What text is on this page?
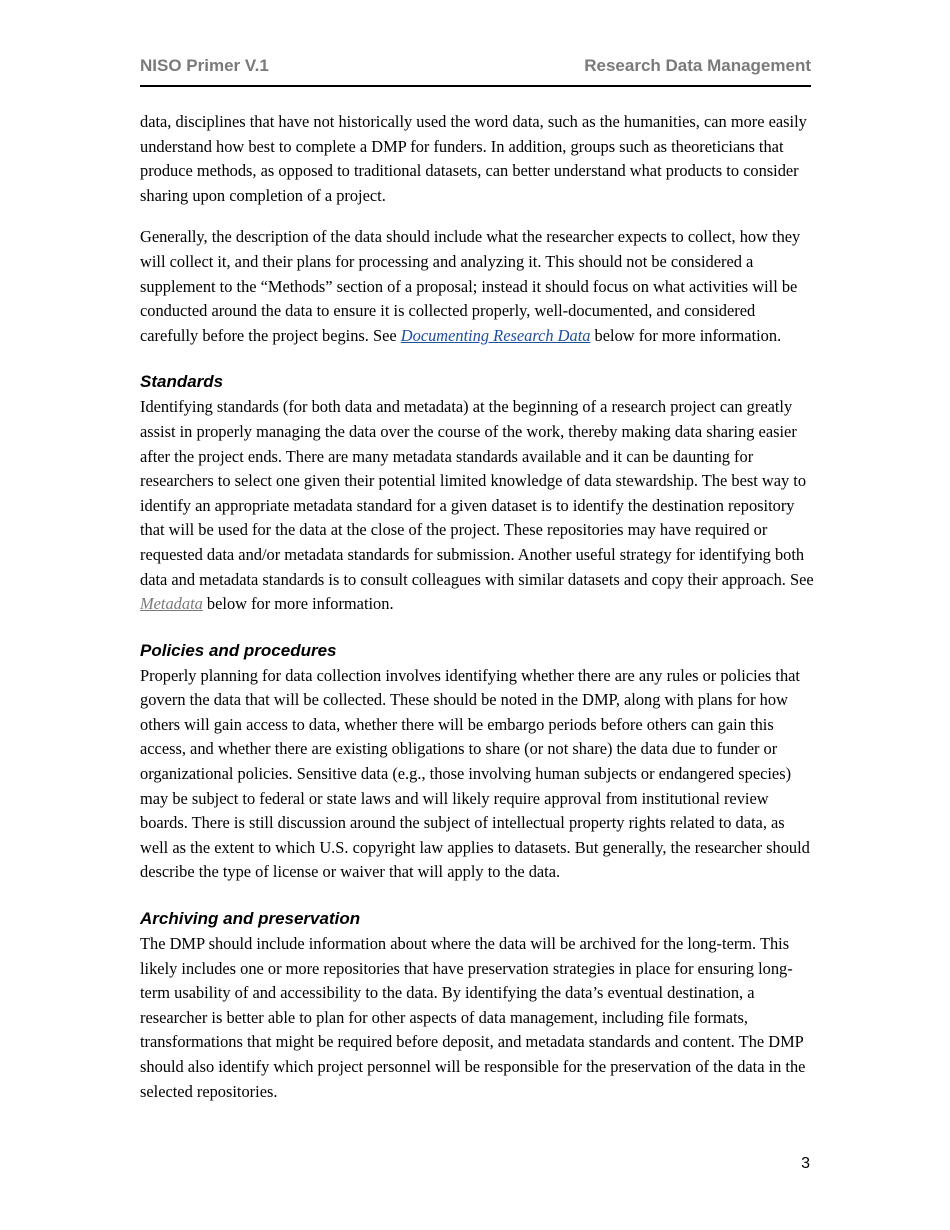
NISO Primer V.1	Research Data Management

data, disciplines that have not historically used the word data, such as the humanities, can more easily understand how best to complete a DMP for funders. In addition, groups such as theoreticians that produce methods, as opposed to traditional datasets, can better understand what products to consider sharing upon completion of a project.

Generally, the description of the data should include what the researcher expects to collect, how they will collect it, and their plans for processing and analyzing it. This should not be considered a supplement to the “Methods” section of a proposal; instead it should focus on what activities will be conducted around the data to ensure it is collected properly, well-documented, and considered carefully before the project begins. See Documenting Research Data below for more information.

Standards

Identifying standards (for both data and metadata) at the beginning of a research project can greatly assist in properly managing the data over the course of the work, thereby making data sharing easier after the project ends. There are many metadata standards available and it can be daunting for researchers to select one given their potential limited knowledge of data stewardship. The best way to identify an appropriate metadata standard for a given dataset is to identify the destination repository that will be used for the data at the close of the project. These repositories may have required or requested data and/or metadata standards for submission. Another useful strategy for identifying both data and metadata standards is to consult colleagues with similar datasets and copy their approach. See Metadata below for more information.

Policies and procedures

Properly planning for data collection involves identifying whether there are any rules or policies that govern the data that will be collected. These should be noted in the DMP, along with plans for how others will gain access to data, whether there will be embargo periods before others can gain this access, and whether there are existing obligations to share (or not share) the data due to funder or organizational policies. Sensitive data (e.g., those involving human subjects or endangered species) may be subject to federal or state laws and will likely require approval from institutional review boards. There is still discussion around the subject of intellectual property rights related to data, as well as the extent to which U.S. copyright law applies to datasets. But generally, the researcher should describe the type of license or waiver that will apply to the data.

Archiving and preservation

The DMP should include information about where the data will be archived for the long-term. This likely includes one or more repositories that have preservation strategies in place for ensuring long-term usability of and accessibility to the data. By identifying the data’s eventual destination, a researcher is better able to plan for other aspects of data management, including file formats, transformations that might be required before deposit, and metadata standards and content. The DMP should also identify which project personnel will be responsible for the preservation of the data in the selected repositories.

3
